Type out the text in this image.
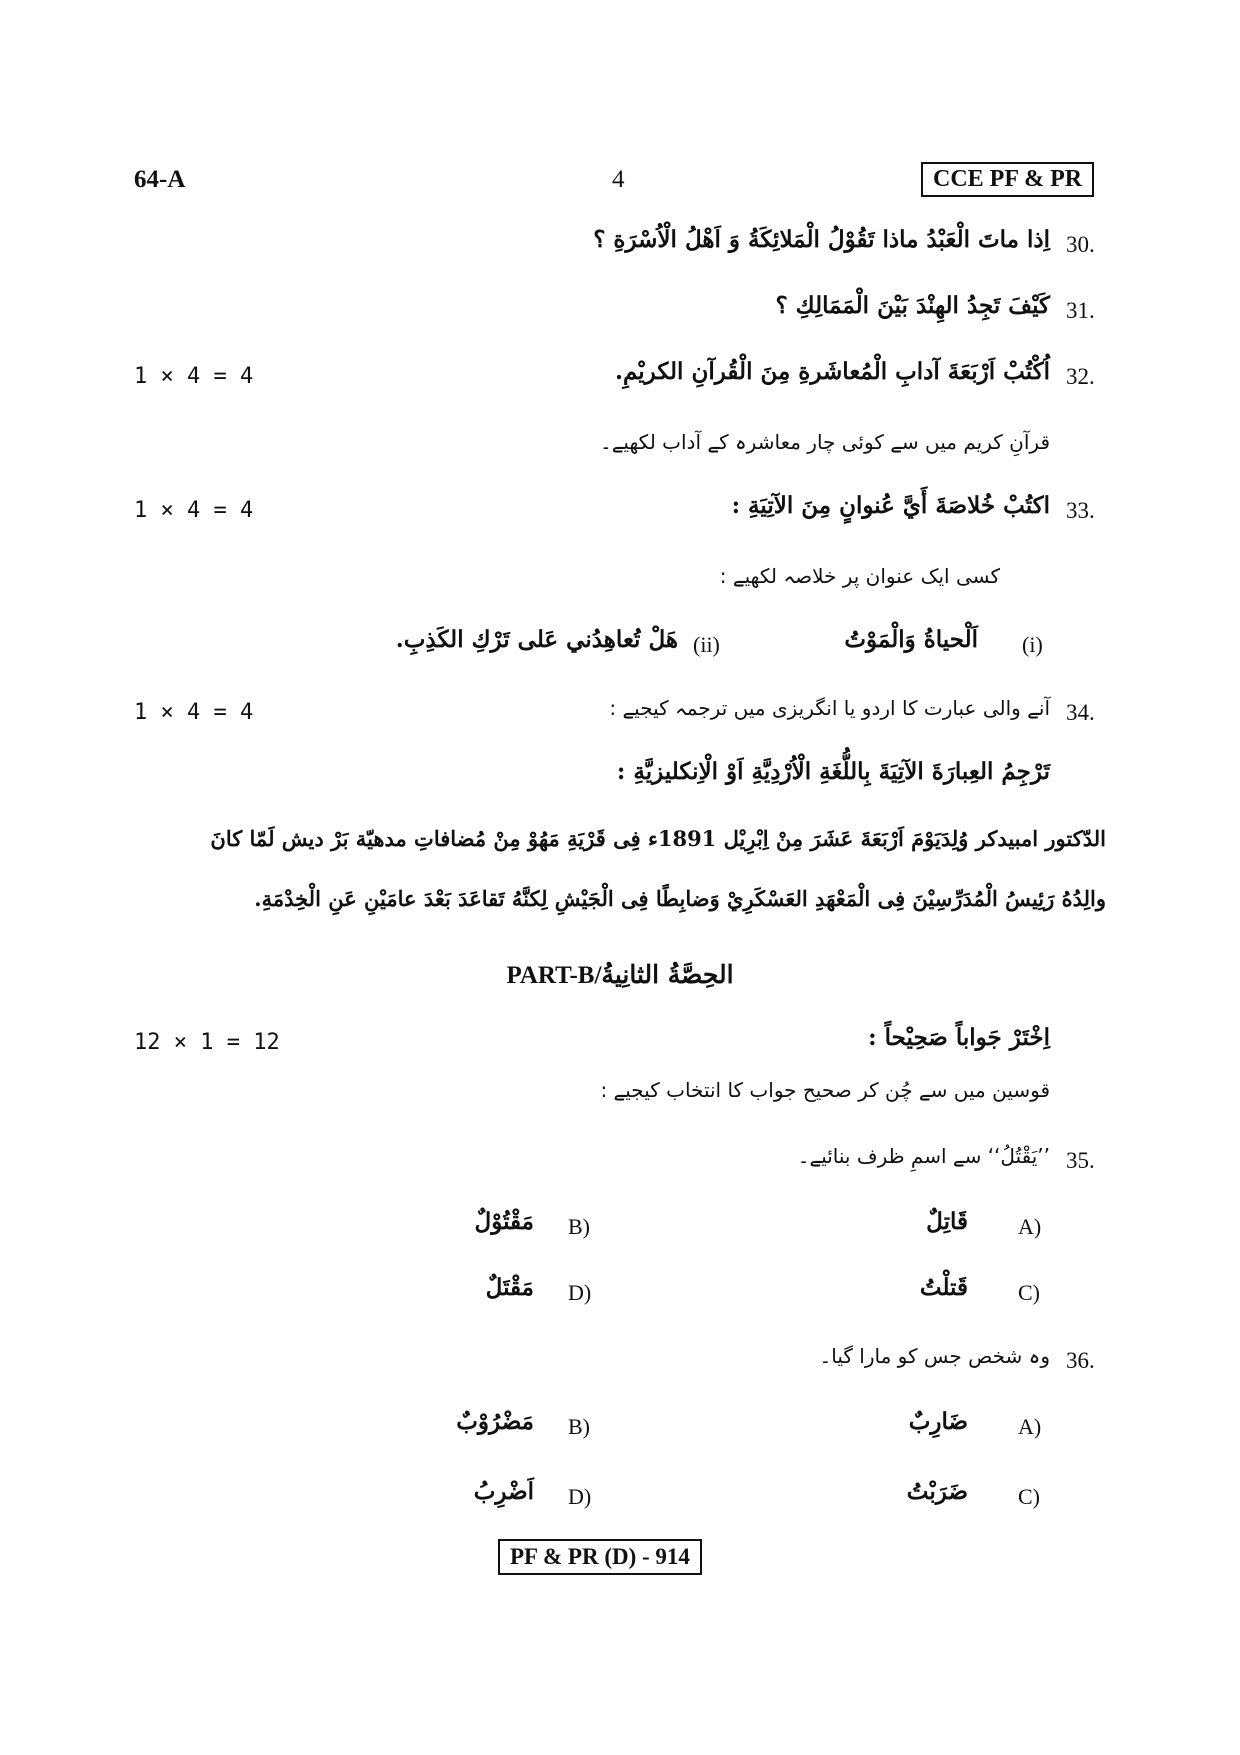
64-A	4	CCE PF & PR
30.
اِذا ماتَ الْعَبْدُ ماذا تَقُوْلُ الْمَلائِكَةُ وَ اَهْلُ الْاُسْرَةِ ؟
31.
كَيْفَ تَجِدُ الهِنْدَ بَيْنَ الْمَمَالِكِ ؟
1 × 4 = 4	32.
اُكْتُبْ اَرْبَعَةَ آدابِ الْمُعاشَرةِ مِنَ الْقُرآنِ الكريْمِ.
قرآنِ کریم میں سے کوئی چار معاشرہ کے آداب لکھیے۔
1 × 4 = 4	33.
اكتُبْ خُلاصَةَ أَيَّ عُنوانٍ مِنَ الآتِيَةِ :
کسی ایک عنوان پر خلاصہ لکھیے :
(i)
اَلْحياةُ وَالْمَوْتُ
(ii)
هَلْ تُعاهِدُني عَلى تَرْكِ الكَذِبِ.
1 × 4 = 4	34.
آنے والی عبارت کا اردو یا انگریزی میں ترجمہ کیجیے :
تَرْجِمُ العِبارَةَ الآتِيَةَ بِاللُّغَةِ الْاُرْدِيَّةِ اَوْ الْاِنكليزيَّةِ :
الدّكتور امبيدكر وُلِدَيَوْمَ اَرْبَعَةَ عَشَرَ مِنْ اِبْرِيْل 1891ء فِى قَرْيَةِ مَهُوْ مِنْ مُضافاتِ مدهيّة بَرْ ديش لَمّا كانَ
والِدُهُ رَئِيسُ الْمُدَرِّسِيْنَ فِى الْمَعْهَدِ العَسْكَرِيْ وَضابِطًا فِى الْجَيْشِ لِكنَّهُ تَقاعَدَ بَعْدَ عامَيْنِ عَنِ الْخِدْمَةِ.
PART-B/الحِصَّةُ الثانِيةُ
12 × 1 = 12	اِخْتَرْ جَواباً صَحِيْحاً :
قوسین میں سے چُن کر صحیح جواب کا انتخاب کیجیے :
35.
’’يَقْتُلُ‘‘ سے اسمِ ظرف بنائیے۔
A)
قَاتِلٌ
B)
مَقْتُوْلٌ
C)
قَتلْتُ
D)
مَقْتَلٌ
36.
وہ شخص جس کو مارا گیا۔
A)
ضَارِبٌ
B)
مَضْرُوْبٌ
C)
ضَرَبْتُ
D)
اَضْرِبُ
PF & PR (D) - 914
